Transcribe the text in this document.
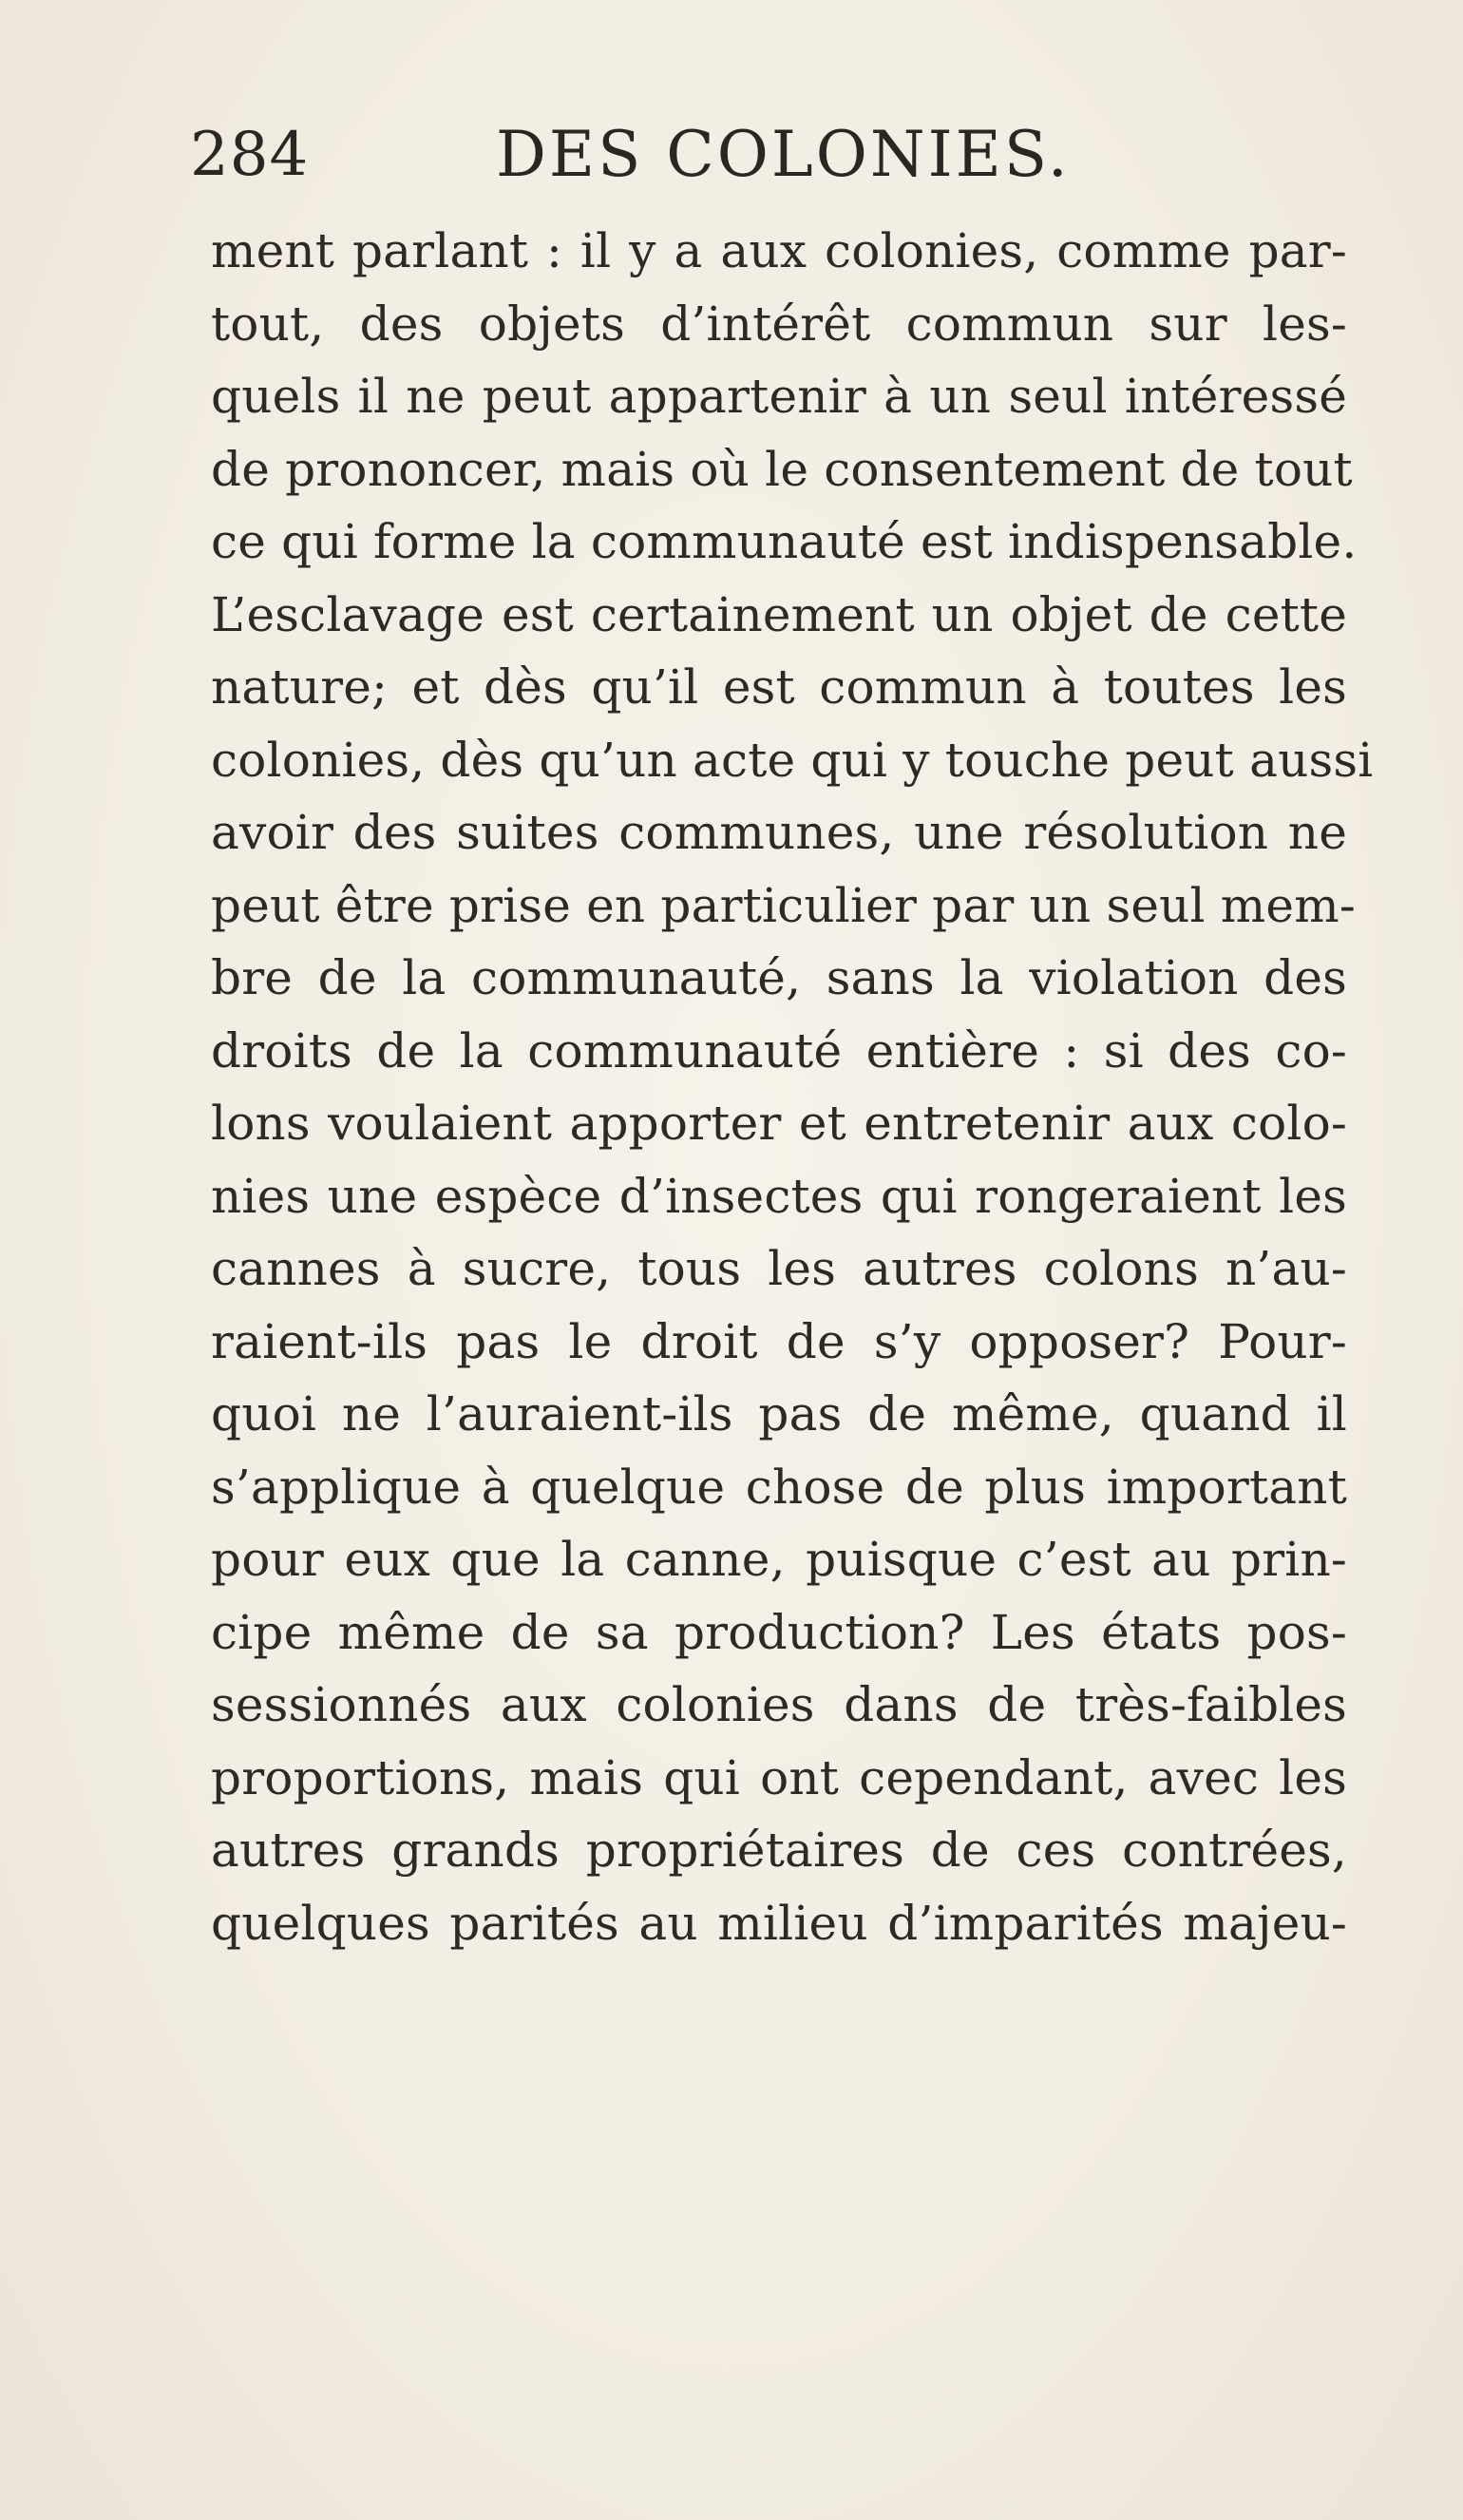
284	DES COLONIES.
ment parlant : il y a aux colonies, comme par-
tout, des objets d’intérêt commun sur les-
quels il ne peut appartenir à un seul intéressé
de prononcer, mais où le consentement de tout
ce qui forme la communauté est indispensable.
L’esclavage est certainement un objet de cette
nature; et dès qu’il est commun à toutes les
colonies, dès qu’un acte qui y touche peut aussi
avoir des suites communes, une résolution ne
peut être prise en particulier par un seul mem-
bre de la communauté, sans la violation des
droits de la communauté entière : si des co-
lons voulaient apporter et entretenir aux colo-
nies une espèce d’insectes qui rongeraient les
cannes à sucre, tous les autres colons n’au-
raient-ils pas le droit de s’y opposer? Pour-
quoi ne l’auraient-ils pas de même, quand il
s’applique à quelque chose de plus important
pour eux que la canne, puisque c’est au prin-
cipe même de sa production? Les états pos-
sessionnés aux colonies dans de très-faibles
proportions, mais qui ont cependant, avec les
autres grands propriétaires de ces contrées,
quelques parités au milieu d’imparités majeu-
